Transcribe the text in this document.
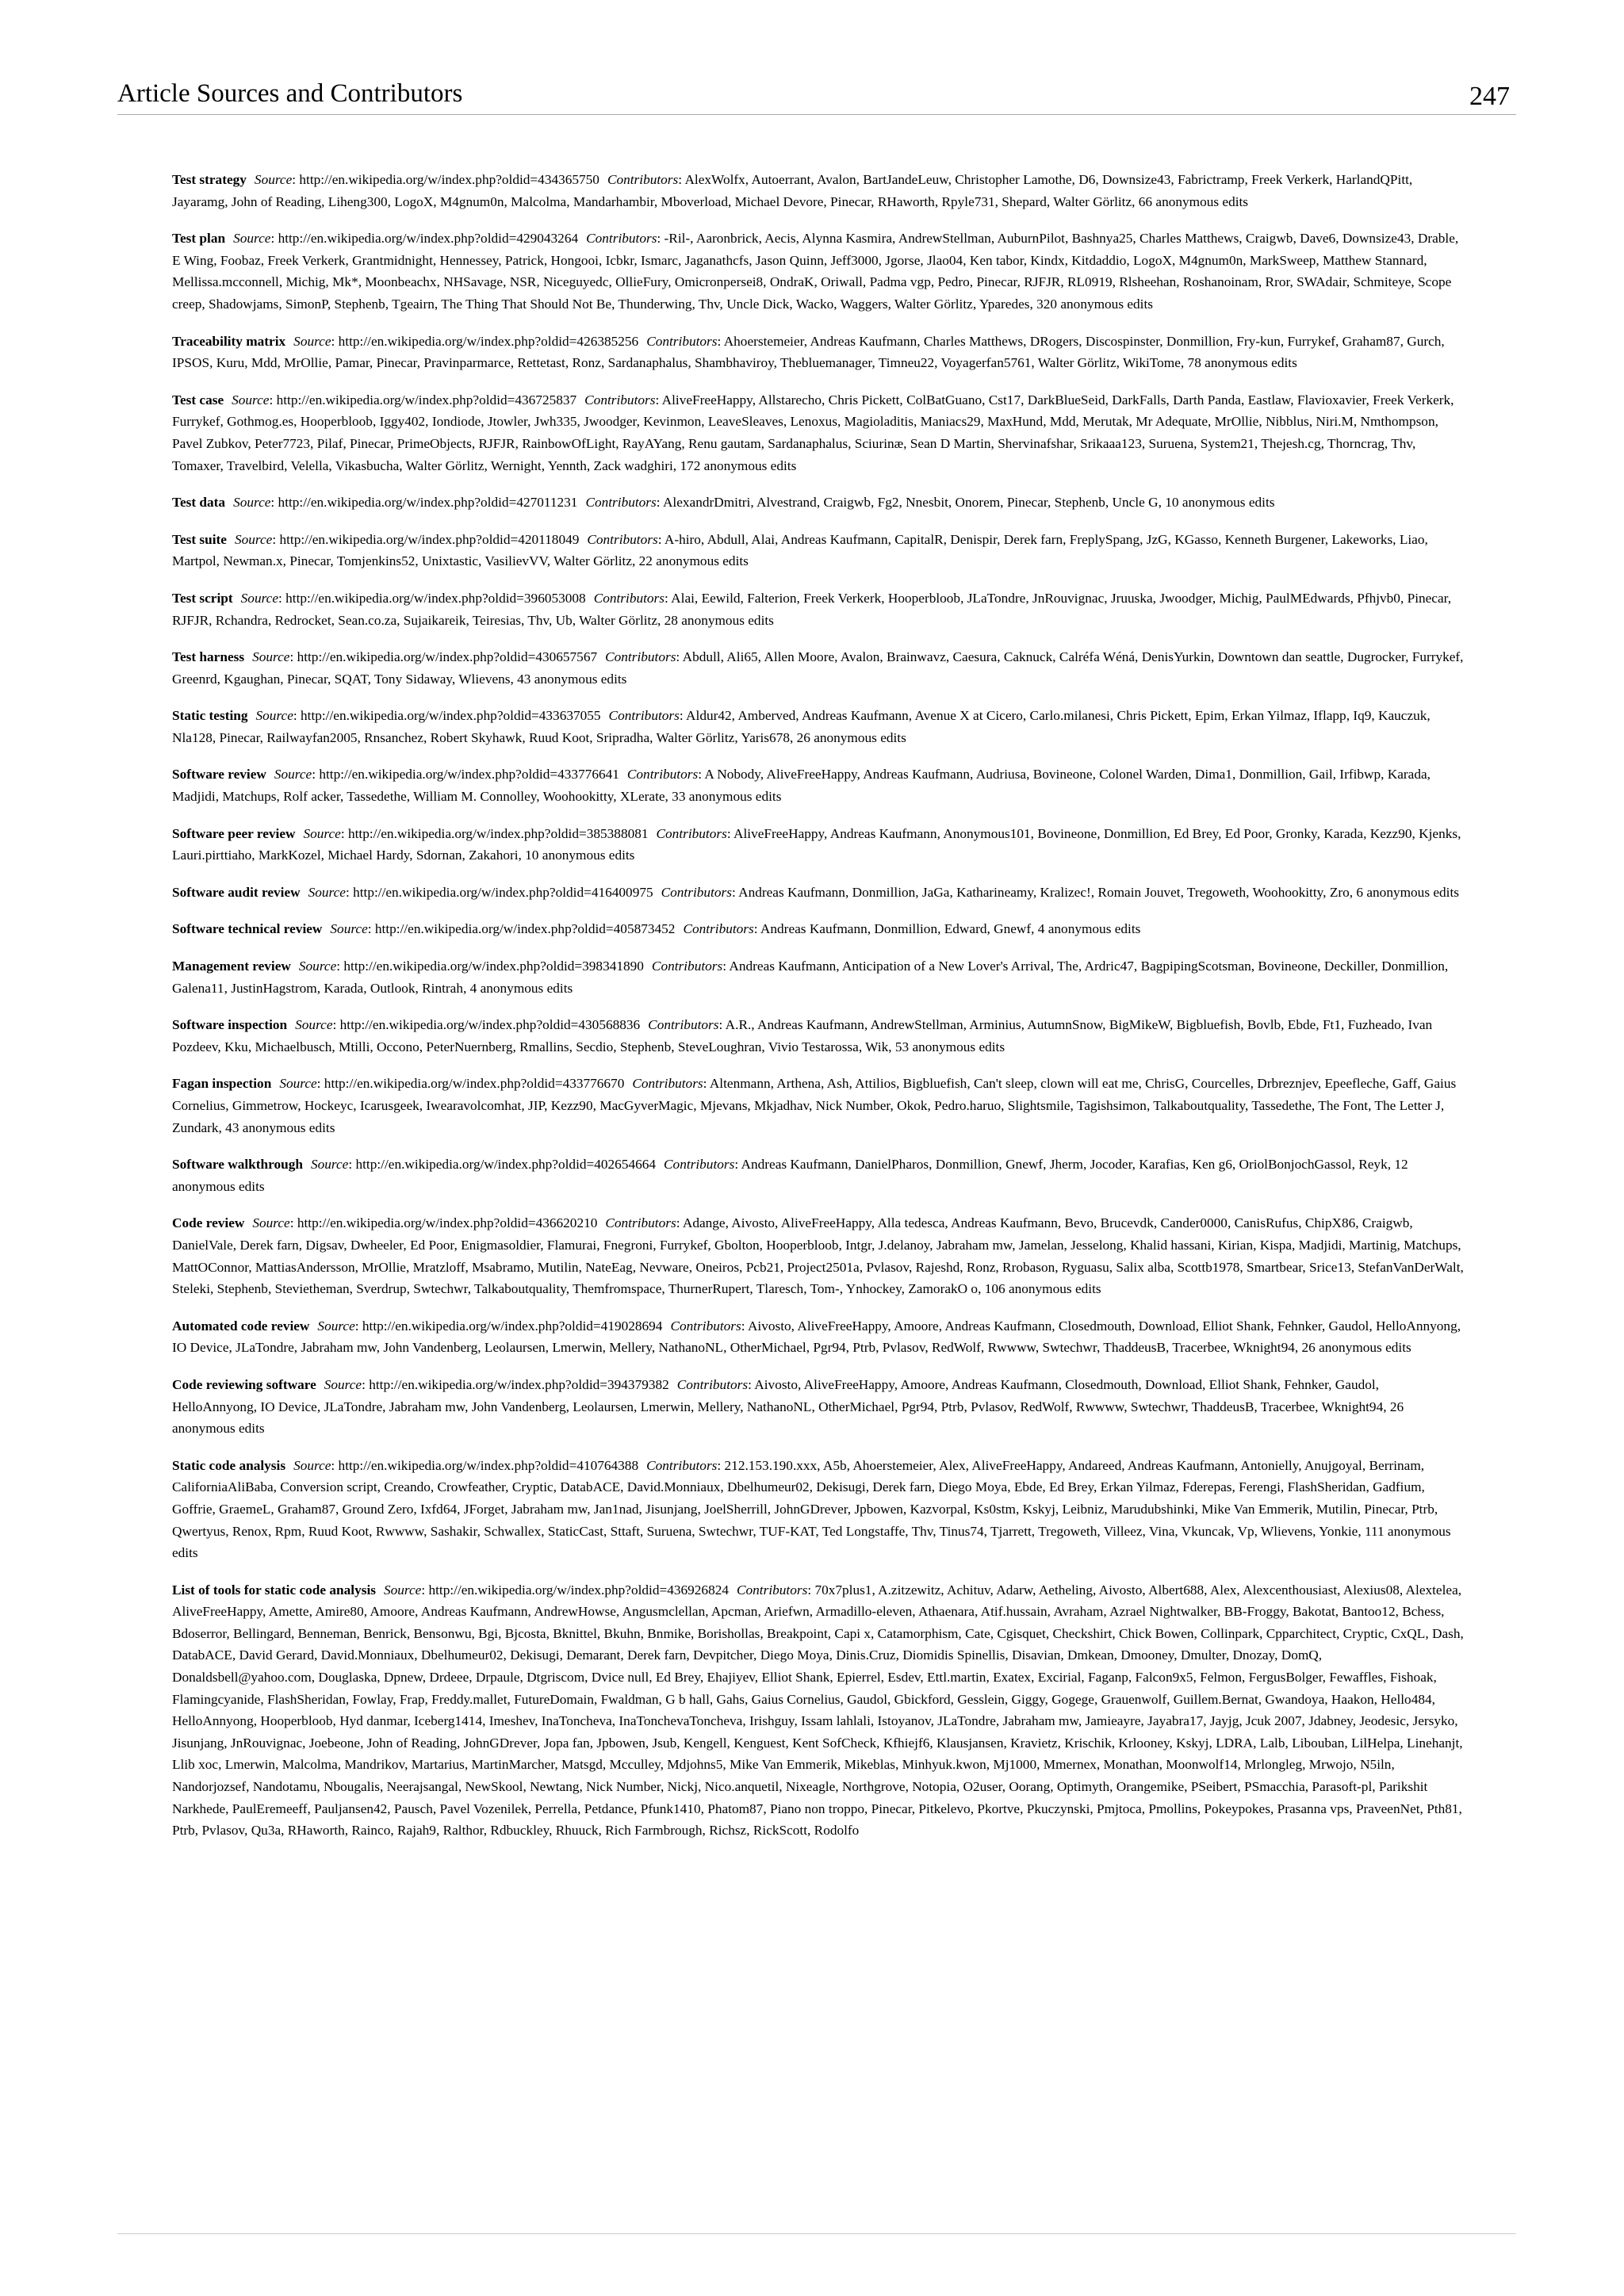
Article Sources and Contributors	247

Test strategy Source: http://en.wikipedia.org/w/index.php?oldid=434365750 Contributors: AlexWolfx, Autoerrant, Avalon, BartJandeLeuw, Christopher Lamothe, D6, Downsize43, Fabrictramp, Freek Verkerk, HarlandQPitt, Jayaramg, John of Reading, Liheng300, LogoX, M4gnum0n, Malcolma, Mandarhambir, Mboverload, Michael Devore, Pinecar, RHaworth, Rpyle731, Shepard, Walter Görlitz, 66 anonymous edits

Test plan Source: http://en.wikipedia.org/w/index.php?oldid=429043264 Contributors: -Ril-, Aaronbrick, Aecis, Alynna Kasmira, AndrewStellman, AuburnPilot, Bashnya25, Charles Matthews, Craigwb, Dave6, Downsize43, Drable, E Wing, Foobaz, Freek Verkerk, Grantmidnight, Hennessey, Patrick, Hongooi, Icbkr, Ismarc, Jaganathcfs, Jason Quinn, Jeff3000, Jgorse, Jlao04, Ken tabor, Kindx, Kitdaddio, LogoX, M4gnum0n, MarkSweep, Matthew Stannard, Mellissa.mcconnell, Michig, Mk*, Moonbeachx, NHSavage, NSR, Niceguyedc, OllieFury, Omicronpersei8, OndraK, Oriwall, Padma vgp, Pedro, Pinecar, RJFJR, RL0919, Rlsheehan, Roshanoinam, Rror, SWAdair, Schmiteye, Scope creep, Shadowjams, SimonP, Stephenb, Tgeairn, The Thing That Should Not Be, Thunderwing, Thv, Uncle Dick, Wacko, Waggers, Walter Görlitz, Yparedes, 320 anonymous edits

Traceability matrix Source: http://en.wikipedia.org/w/index.php?oldid=426385256 Contributors: Ahoerstemeier, Andreas Kaufmann, Charles Matthews, DRogers, Discospinster, Donmillion, Fry-kun, Furrykef, Graham87, Gurch, IPSOS, Kuru, Mdd, MrOllie, Pamar, Pinecar, Pravinparmarce, Rettetast, Ronz, Sardanaphalus, Shambhaviroy, Thebluemanager, Timneu22, Voyagerfan5761, Walter Görlitz, WikiTome, 78 anonymous edits

Test case Source: http://en.wikipedia.org/w/index.php?oldid=436725837 Contributors: AliveFreeHappy, Allstarecho, Chris Pickett, ColBatGuano, Cst17, DarkBlueSeid, DarkFalls, Darth Panda, Eastlaw, Flavioxavier, Freek Verkerk, Furrykef, Gothmog.es, Hooperbloob, Iggy402, Iondiode, Jtowler, Jwh335, Jwoodger, Kevinmon, LeaveSleaves, Lenoxus, Magioladitis, Maniacs29, MaxHund, Mdd, Merutak, Mr Adequate, MrOllie, Nibblus, Niri.M, Nmthompson, Pavel Zubkov, Peter7723, Pilaf, Pinecar, PrimeObjects, RJFJR, RainbowOfLight, RayAYang, Renu gautam, Sardanaphalus, Sciurinæ, Sean D Martin, Shervinafshar, Srikaaa123, Suruena, System21, Thejesh.cg, Thorncrag, Thv, Tomaxer, Travelbird, Velella, Vikasbucha, Walter Görlitz, Wernight, Yennth, Zack wadghiri, 172 anonymous edits

Test data Source: http://en.wikipedia.org/w/index.php?oldid=427011231 Contributors: AlexandrDmitri, Alvestrand, Craigwb, Fg2, Nnesbit, Onorem, Pinecar, Stephenb, Uncle G, 10 anonymous edits

Test suite Source: http://en.wikipedia.org/w/index.php?oldid=420118049 Contributors: A-hiro, Abdull, Alai, Andreas Kaufmann, CapitalR, Denispir, Derek farn, FreplySpang, JzG, KGasso, Kenneth Burgener, Lakeworks, Liao, Martpol, Newman.x, Pinecar, Tomjenkins52, Unixtastic, VasilievVV, Walter Görlitz, 22 anonymous edits

Test script Source: http://en.wikipedia.org/w/index.php?oldid=396053008 Contributors: Alai, Eewild, Falterion, Freek Verkerk, Hooperbloob, JLaTondre, JnRouvignac, Jruuska, Jwoodger, Michig, PaulMEdwards, Pfhjvb0, Pinecar, RJFJR, Rchandra, Redrocket, Sean.co.za, Sujaikareik, Teiresias, Thv, Ub, Walter Görlitz, 28 anonymous edits

Test harness Source: http://en.wikipedia.org/w/index.php?oldid=430657567 Contributors: Abdull, Ali65, Allen Moore, Avalon, Brainwavz, Caesura, Caknuck, Calréfa Wéná, DenisYurkin, Downtown dan seattle, Dugrocker, Furrykef, Greenrd, Kgaughan, Pinecar, SQAT, Tony Sidaway, Wlievens, 43 anonymous edits

Static testing Source: http://en.wikipedia.org/w/index.php?oldid=433637055 Contributors: Aldur42, Amberved, Andreas Kaufmann, Avenue X at Cicero, Carlo.milanesi, Chris Pickett, Epim, Erkan Yilmaz, Iflapp, Iq9, Kauczuk, Nla128, Pinecar, Railwayfan2005, Rnsanchez, Robert Skyhawk, Ruud Koot, Sripradha, Walter Görlitz, Yaris678, 26 anonymous edits

Software review Source: http://en.wikipedia.org/w/index.php?oldid=433776641 Contributors: A Nobody, AliveFreeHappy, Andreas Kaufmann, Audriusa, Bovineone, Colonel Warden, Dima1, Donmillion, Gail, Irfibwp, Karada, Madjidi, Matchups, Rolf acker, Tassedethe, William M. Connolley, Woohookitty, XLerate, 33 anonymous edits

Software peer review Source: http://en.wikipedia.org/w/index.php?oldid=385388081 Contributors: AliveFreeHappy, Andreas Kaufmann, Anonymous101, Bovineone, Donmillion, Ed Brey, Ed Poor, Gronky, Karada, Kezz90, Kjenks, Lauri.pirttiaho, MarkKozel, Michael Hardy, Sdornan, Zakahori, 10 anonymous edits

Software audit review Source: http://en.wikipedia.org/w/index.php?oldid=416400975 Contributors: Andreas Kaufmann, Donmillion, JaGa, Katharineamy, Kralizec!, Romain Jouvet, Tregoweth, Woohookitty, Zro, 6 anonymous edits

Software technical review Source: http://en.wikipedia.org/w/index.php?oldid=405873452 Contributors: Andreas Kaufmann, Donmillion, Edward, Gnewf, 4 anonymous edits

Management review Source: http://en.wikipedia.org/w/index.php?oldid=398341890 Contributors: Andreas Kaufmann, Anticipation of a New Lover's Arrival, The, Ardric47, BagpipingScotsman, Bovineone, Deckiller, Donmillion, Galena11, JustinHagstrom, Karada, Outlook, Rintrah, 4 anonymous edits

Software inspection Source: http://en.wikipedia.org/w/index.php?oldid=430568836 Contributors: A.R., Andreas Kaufmann, AndrewStellman, Arminius, AutumnSnow, BigMikeW, Bigbluefish, Bovlb, Ebde, Ft1, Fuzheado, Ivan Pozdeev, Kku, Michaelbusch, Mtilli, Occono, PeterNuernberg, Rmallins, Secdio, Stephenb, SteveLoughran, Vivio Testarossa, Wik, 53 anonymous edits

Fagan inspection Source: http://en.wikipedia.org/w/index.php?oldid=433776670 Contributors: Altenmann, Arthena, Ash, Attilios, Bigbluefish, Can't sleep, clown will eat me, ChrisG, Courcelles, Drbreznjev, Epeefleche, Gaff, Gaius Cornelius, Gimmetrow, Hockeyc, Icarusgeek, Iwearavolcomhat, JIP, Kezz90, MacGyverMagic, Mjevans, Mkjadhav, Nick Number, Okok, Pedro.haruo, Slightsmile, Tagishsimon, Talkaboutquality, Tassedethe, The Font, The Letter J, Zundark, 43 anonymous edits

Software walkthrough Source: http://en.wikipedia.org/w/index.php?oldid=402654664 Contributors: Andreas Kaufmann, DanielPharos, Donmillion, Gnewf, Jherm, Jocoder, Karafias, Ken g6, OriolBonjochGassol, Reyk, 12 anonymous edits

Code review Source: http://en.wikipedia.org/w/index.php?oldid=436620210 Contributors: Adange, Aivosto, AliveFreeHappy, Alla tedesca, Andreas Kaufmann, Bevo, Brucevdk, Cander0000, CanisRufus, ChipX86, Craigwb, DanielVale, Derek farn, Digsav, Dwheeler, Ed Poor, Enigmasoldier, Flamurai, Fnegroni, Furrykef, Gbolton, Hooperbloob, Intgr, J.delanoy, Jabraham mw, Jamelan, Jesselong, Khalid hassani, Kirian, Kispa, Madjidi, Martinig, Matchups, MattOConnor, MattiasAndersson, MrOllie, Mratzloff, Msabramo, Mutilin, NateEag, Nevware, Oneiros, Pcb21, Project2501a, Pvlasov, Rajeshd, Ronz, Rrobason, Ryguasu, Salix alba, Scottb1978, Smartbear, Srice13, StefanVanDerWalt, Steleki, Stephenb, Stevietheman, Sverdrup, Swtechwr, Talkaboutquality, Themfromspace, ThurnerRupert, Tlaresch, Tom-, Ynhockey, ZamorakO o, 106 anonymous edits

Automated code review Source: http://en.wikipedia.org/w/index.php?oldid=419028694 Contributors: Aivosto, AliveFreeHappy, Amoore, Andreas Kaufmann, Closedmouth, Download, Elliot Shank, Fehnker, Gaudol, HelloAnnyong, IO Device, JLaTondre, Jabraham mw, John Vandenberg, Leolaursen, Lmerwin, Mellery, NathanoNL, OtherMichael, Pgr94, Ptrb, Pvlasov, RedWolf, Rwwww, Swtechwr, ThaddeusB, Tracerbee, Wknight94, 26 anonymous edits

Code reviewing software Source: http://en.wikipedia.org/w/index.php?oldid=394379382 Contributors: Aivosto, AliveFreeHappy, Amoore, Andreas Kaufmann, Closedmouth, Download, Elliot Shank, Fehnker, Gaudol, HelloAnnyong, IO Device, JLaTondre, Jabraham mw, John Vandenberg, Leolaursen, Lmerwin, Mellery, NathanoNL, OtherMichael, Pgr94, Ptrb, Pvlasov, RedWolf, Rwwww, Swtechwr, ThaddeusB, Tracerbee, Wknight94, 26 anonymous edits

Static code analysis Source: http://en.wikipedia.org/w/index.php?oldid=410764388 Contributors: 212.153.190.xxx, A5b, Ahoerstemeier, Alex, AliveFreeHappy, Andareed, Andreas Kaufmann, Antonielly, Anujgoyal, Berrinam, CaliforniaAliBaba, Conversion script, Creando, Crowfeather, Cryptic, DatabACE, David.Monniaux, Dbelhumeur02, Dekisugi, Derek farn, Diego Moya, Ebde, Ed Brey, Erkan Yilmaz, Fderepas, Ferengi, FlashSheridan, Gadfium, Goffrie, GraemeL, Graham87, Ground Zero, Ixfd64, JForget, Jabraham mw, Jan1nad, Jisunjang, JoelSherrill, JohnGDrever, Jpbowen, Kazvorpal, Ks0stm, Kskyj, Leibniz, Marudubshinki, Mike Van Emmerik, Mutilin, Pinecar, Ptrb, Qwertyus, Renox, Rpm, Ruud Koot, Rwwww, Sashakir, Schwallex, StaticCast, Sttaft, Suruena, Swtechwr, TUF-KAT, Ted Longstaffe, Thv, Tinus74, Tjarrett, Tregoweth, Villeez, Vina, Vkuncak, Vp, Wlievens, Yonkie, 111 anonymous edits

List of tools for static code analysis Source: http://en.wikipedia.org/w/index.php?oldid=436926824 Contributors: 70x7plus1, A.zitzewitz, Achituv, Adarw, Aetheling, Aivosto, Albert688, Alex, Alexcenthousiast, Alexius08, Alextelea, AliveFreeHappy, Amette, Amire80, Amoore, Andreas Kaufmann, AndrewHowse, Angusmclellan, Apcman, Ariefwn, Armadillo-eleven, Athaenara, Atif.hussain, Avraham, Azrael Nightwalker, BB-Froggy, Bakotat, Bantoo12, Bchess, Bdoserror, Bellingard, Benneman, Benrick, Bensonwu, Bgi, Bjcosta, Bknittel, Bkuhn, Bnmike, Borishollas, Breakpoint, Capi x, Catamorphism, Cate, Cgisquet, Checkshirt, Chick Bowen, Collinpark, Cpparchitect, Cryptic, CxQL, Dash, DatabACE, David Gerard, David.Monniaux, Dbelhumeur02, Dekisugi, Demarant, Derek farn, Devpitcher, Diego Moya, Dinis.Cruz, Diomidis Spinellis, Disavian, Dmkean, Dmooney, Dmulter, Dnozay, DomQ, Donaldsbell@yahoo.com, Douglaska, Dpnew, Drdeee, Drpaule, Dtgriscom, Dvice null, Ed Brey, Ehajiyev, Elliot Shank, Epierrel, Esdev, Ettl.martin, Exatex, Excirial, Faganp, Falcon9x5, Felmon, FergusBolger, Fewaffles, Fishoak, Flamingcyanide, FlashSheridan, Fowlay, Frap, Freddy.mallet, FutureDomain, Fwaldman, G b hall, Gahs, Gaius Cornelius, Gaudol, Gbickford, Gesslein, Giggy, Gogege, Grauenwolf, Guillem.Bernat, Gwandoya, Haakon, Hello484, HelloAnnyong, Hooperbloob, Hyd danmar, Iceberg1414, Imeshev, InaToncheva, InaTonchevaToncheva, Irishguy, Issam lahlali, Istoyanov, JLaTondre, Jabraham mw, Jamieayre, Jayabra17, Jayjg, Jcuk 2007, Jdabney, Jeodesic, Jersyko, Jisunjang, JnRouvignac, Joebeone, John of Reading, JohnGDrever, Jopa fan, Jpbowen, Jsub, Kengell, Kenguest, Kent SofCheck, Kfhiejf6, Klausjansen, Kravietz, Krischik, Krlooney, Kskyj, LDRA, Lalb, Libouban, LilHelpa, Linehanjt, Llib xoc, Lmerwin, Malcolma, Mandrikov, Martarius, MartinMarcher, Matsgd, Mcculley, Mdjohns5, Mike Van Emmerik, Mikeblas, Minhyuk.kwon, Mj1000, Mmernex, Monathan, Moonwolf14, Mrlongleg, Mrwojo, N5iln, Nandorjozsef, Nandotamu, Nbougalis, Neerajsangal, NewSkool, Newtang, Nick Number, Nickj, Nico.anquetil, Nixeagle, Northgrove, Notopia, O2user, Oorang, Optimyth, Orangemike, PSeibert, PSmacchia, Parasoft-pl, Parikshit Narkhede, PaulEremeeff, Pauljansen42, Pausch, Pavel Vozenilek, Perrella, Petdance, Pfunk1410, Phatom87, Piano non troppo, Pinecar, Pitkelevo, Pkortve, Pkuczynski, Pmjtoca, Pmollins, Pokeypokes, Prasanna vps, PraveenNet, Pth81, Ptrb, Pvlasov, Qu3a, RHaworth, Rainco, Rajah9, Ralthor, Rdbuckley, Rhuuck, Rich Farmbrough, Richsz, RickScott, Rodolfo
